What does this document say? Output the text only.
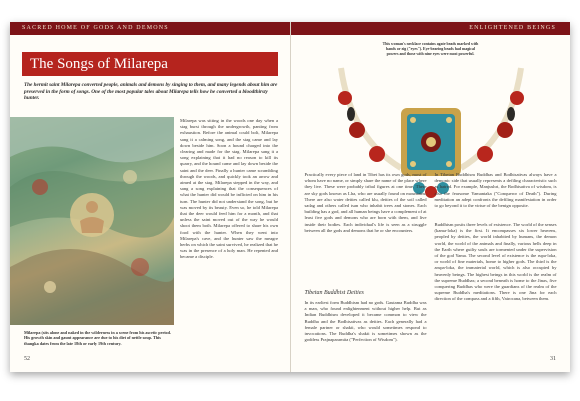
SACRED HOME OF GODS AND DEMONS
The Songs of Milarepa
The hermit saint Milarepa converted people, animals and demons by singing to them, and many legends about him are preserved in the form of songs. One of the most popular tales about Milarepa tells how he converted a bloodthirsty hunter.
Milarepa (sits alone and naked in the wilderness in a scene from his ascetic period. His growth skin and gaunt appearance are due to his diet of nettle soup. This thangka dates from the late 18th or early 19th century.
Milarepa was sitting in the woods one day when a stag burst through the undergrowth, panting from exhaustion. Before the animal could bolt, Milarepa sang it a calming song, and the stag came and lay down beside him. Soon a hound charged into the clearing and made for the stag. Milarepa sang it a song explaining that it had no reason to kill its quarry, and the hound came and lay down beside the saint and the deer. Finally a hunter came scrambling through the woods, and quickly took an arrow and aimed at the stag. Milarepa stepped in the way, and sang a song explaining that the consequences of what the hunter did would be inflicted on him in his turn. The hunter did not understand the song, but he was moved by its beauty. Even so, he told Milarepa that the deer would feed him for a month, and that unless the saint moved out of the way he would shoot them both. Milarepa offered to share his own food with the hunter. When they went into Milarepa's cave, and the hunter saw the meagre herbs on which the saint survived, he realized that he was in the presence of a holy man. He repented and became a disciple.
52
ENLIGHTENED BEINGS
This woman's necklace contains agate beads marked with bands or zig ("eyes"). Eye-bearing beads had magical powers and those with nine eyes were most powerful.
Practically every piece of land in Tibet has its own gods, most of whom have no name, or simply share the name of the place where they live. These were probably tribal figures at one time. There are sky gods known as Lha, who are usually found on mountains. There are also water deities called klu, deities of the soil called sadag and others called tsan who inhabit trees and stones. Each building has a god, and all human beings have a complement of at least five gods and demons who are born with them, and live inside their bodies. Each individual's life is seen as a struggle between all the gods and demons that he or she encounters.
Tibetan Buddhist Deities
In its earliest form Buddhism had no gods. Gautama Buddha was a man, who found enlightenment without higher help. But as Indian Buddhism developed it became common to view the Buddha and the Bodhisattvas as deities. Each generally had a female partner or shakti, who would sometimes respond to invocations. The Buddha's shakti is sometimes shown as the goddess Prajnaparamita ("Perfection of Wisdom").
In Tibetan Buddhism Buddhas and Bodhisattvas always have a demonic side that usually represents a defiling characteristic such as hatred. For example, Manjushri, the Bodhisattva of wisdom, is also the fearsome Yamantaka ("Conqueror of Death"). During meditation an adept confronts the defiling manifestation in order to go beyond it to the virtue of the benign opposite.
Buddhism posits three levels of existence. The world of the senses (kama-loka) is the first. It encompasses six lower heavens, peopled by deities, the world inhabited by humans, the demon world, the world of the animals and finally, various hells deep in the Earth where guilty souls are tormented under the supervision of the god Yama. The second level of existence is the rupa-loka, or world of fine materials, home to higher gods. The third is the arupa-loka, the immaterial world, which is also occupied by heavenly beings. The highest beings in this world is the realm of the supreme Buddhas; a second beneath is home to the Jinas, five conquering Buddhas who were the guardians of the realm of the supreme Buddha's meditations. There is one Jina for each direction of the compass and a fifth, Vairocana, between them.
31
